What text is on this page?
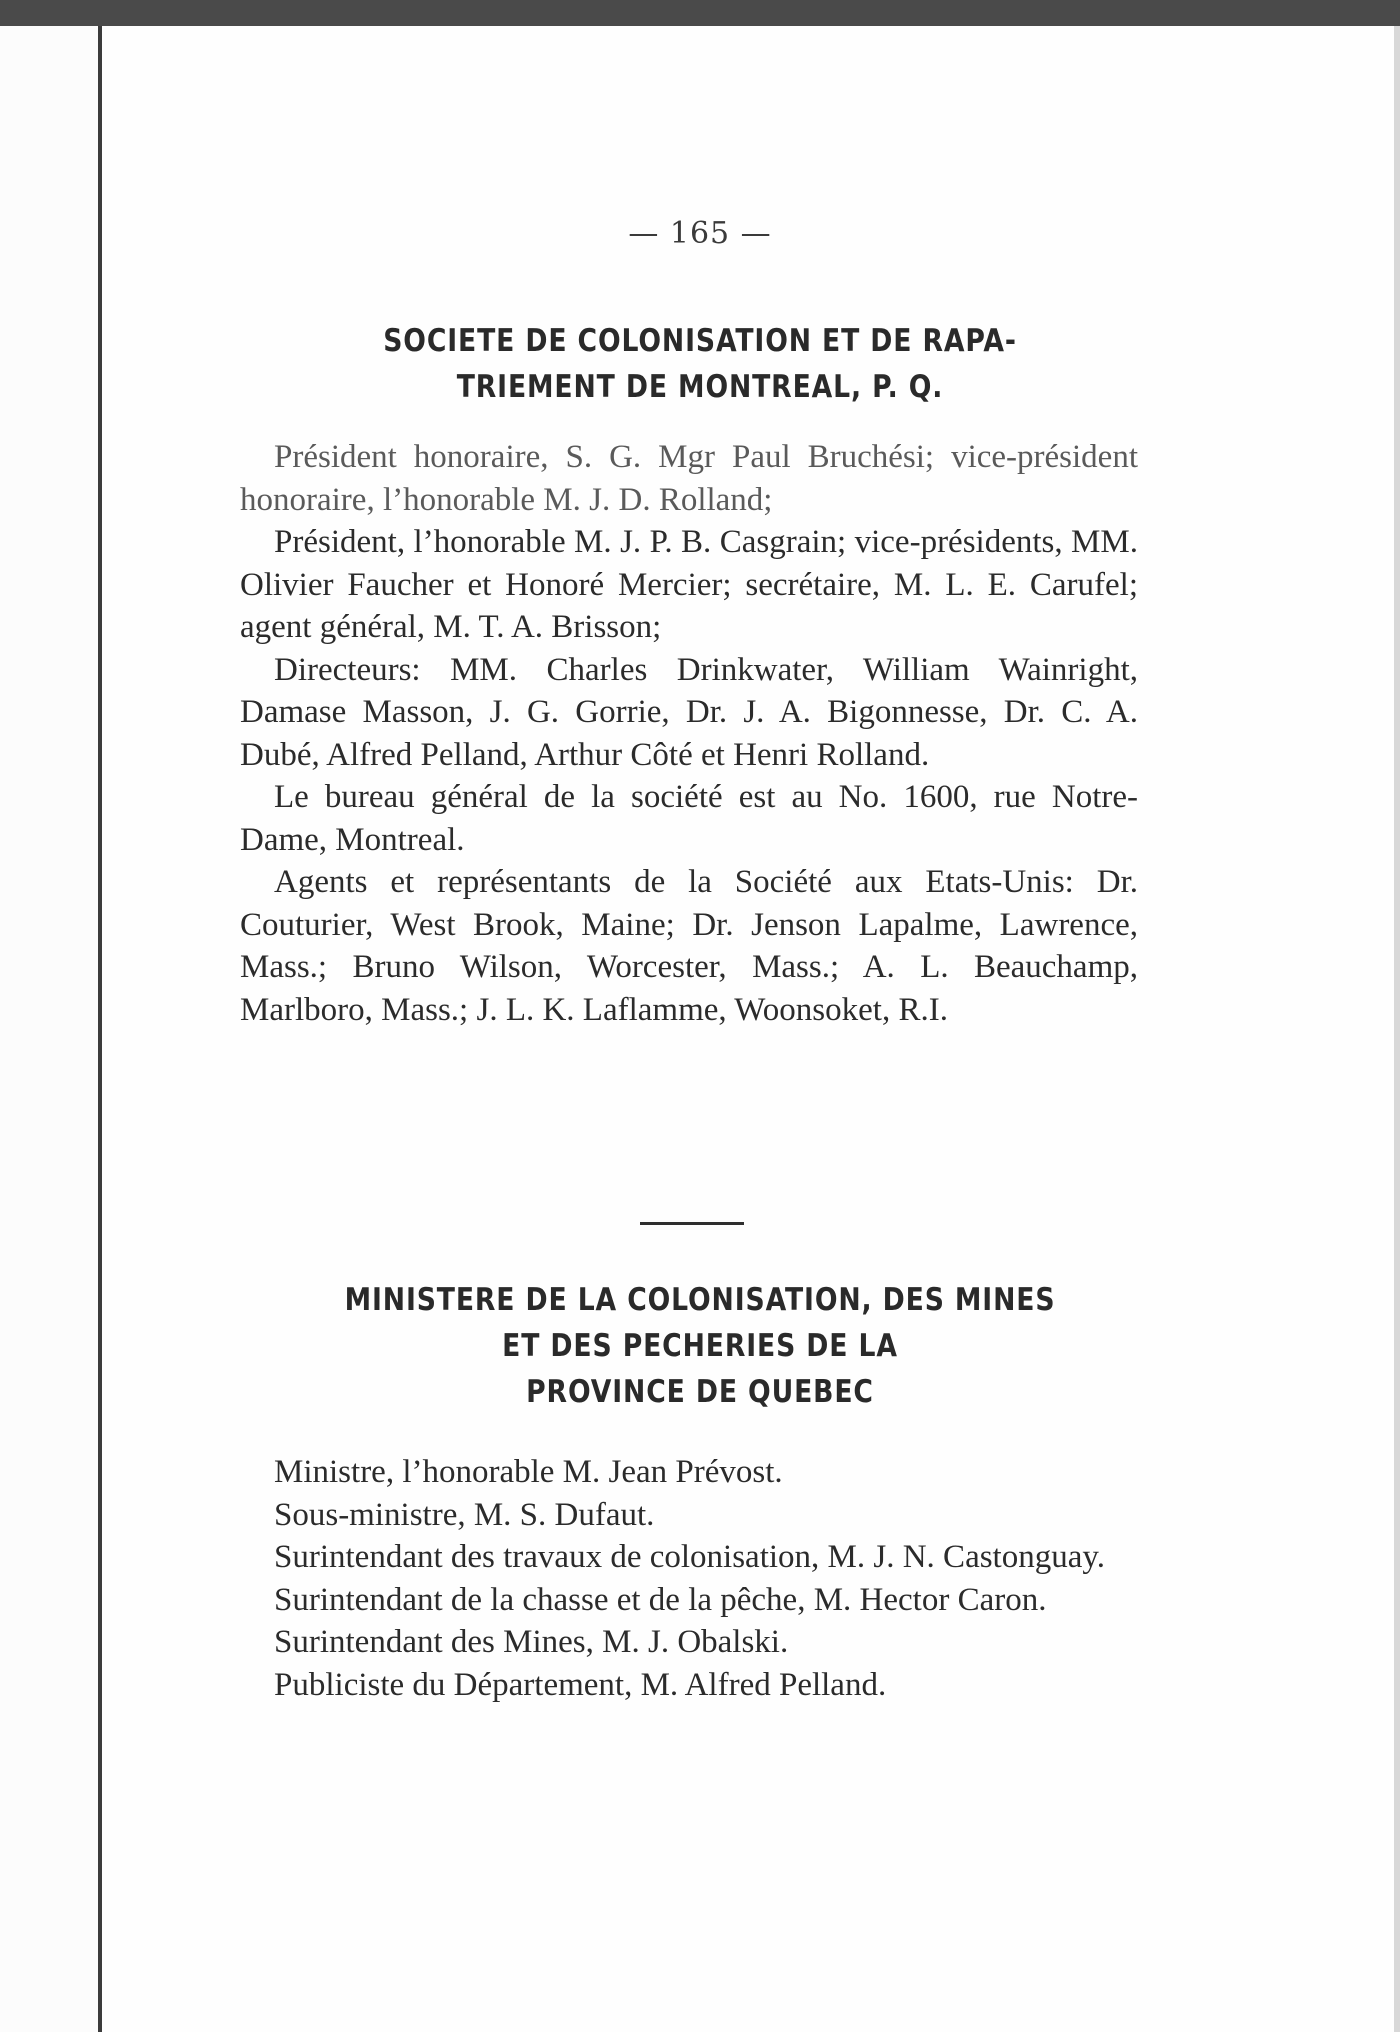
— 165 —
SOCIETE DE COLONISATION ET DE RAPA-
TRIEMENT DE MONTREAL, P. Q.

Président honoraire, S. G. Mgr Paul Bruchési; vice-président honoraire, l’honorable M. J. D. Rolland;

Président, l’honorable M. J. P. B. Casgrain; vice-présidents, MM. Olivier Faucher et Honoré Mercier; secrétaire, M. L. E. Carufel; agent général, M. T. A. Brisson;

Directeurs: MM. Charles Drinkwater, William Wainright, Damase Masson, J. G. Gorrie, Dr. J. A. Bigonnesse, Dr. C. A. Dubé, Alfred Pelland, Arthur Côté et Henri Rolland.

Le bureau général de la société est au No. 1600, rue Notre-Dame, Montreal.

Agents et représentants de la Société aux Etats-Unis: Dr. Couturier, West Brook, Maine; Dr. Jenson Lapalme, Lawrence, Mass.; Bruno Wilson, Worcester, Mass.; A. L. Beauchamp, Marlboro, Mass.; J. L. K. Laflamme, Woonsoket, R.I.

MINISTERE DE LA COLONISATION, DES MINES
ET DES PECHERIES DE LA
PROVINCE DE QUEBEC

Ministre, l’honorable M. Jean Prévost.

Sous-ministre, M. S. Dufaut.

Surintendant des travaux de colonisation, M. J. N. Castonguay.

Surintendant de la chasse et de la pêche, M. Hector Caron.

Surintendant des Mines, M. J. Obalski.

Publiciste du Département, M. Alfred Pelland.
